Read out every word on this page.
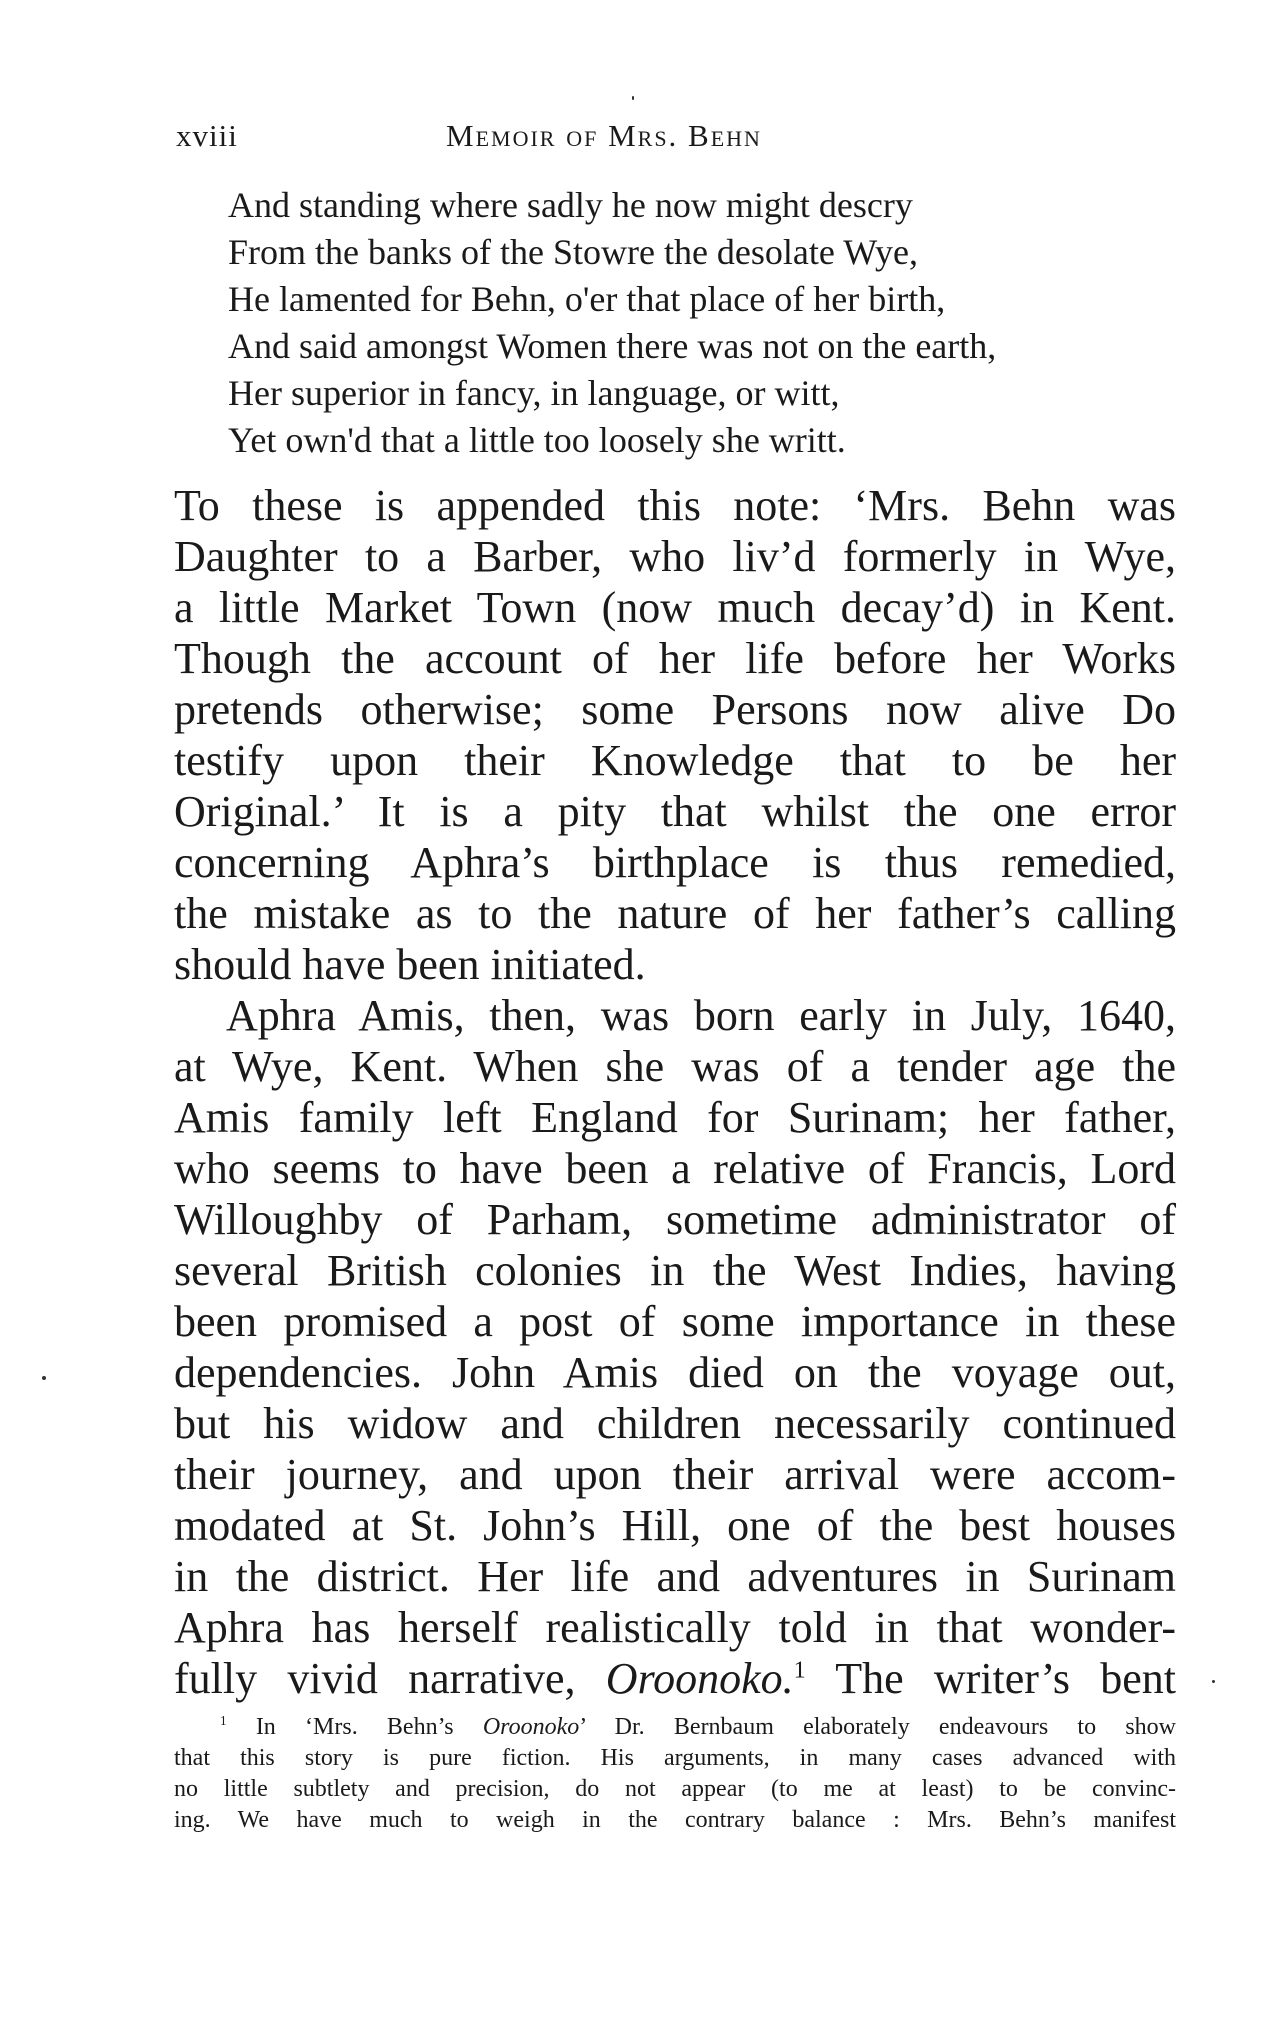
xviii	Memoir of Mrs. Behn
And standing where sadly he now might descry
From the banks of the Stowre the desolate Wye,
He lamented for Behn, o'er that place of her birth,
And said amongst Women there was not on the earth,
Her superior in fancy, in language, or witt,
Yet own'd that a little too loosely she writt.

To these is appended this note: ‘Mrs. Behn was
Daughter to a Barber, who liv’d formerly in Wye,
a little Market Town (now much decay’d) in Kent.
Though the account of her life before her Works
pretends otherwise; some Persons now alive Do
testify upon their Knowledge that to be her
Original.’ It is a pity that whilst the one error
concerning Aphra’s birthplace is thus remedied,
the mistake as to the nature of her father’s calling
should have been initiated.

Aphra Amis, then, was born early in July, 1640,
at Wye, Kent. When she was of a tender age the
Amis family left England for Surinam; her father,
who seems to have been a relative of Francis, Lord
Willoughby of Parham, sometime administrator of
several British colonies in the West Indies, having
been promised a post of some importance in these
dependencies. John Amis died on the voyage out,
but his widow and children necessarily continued
their journey, and upon their arrival were accom-
modated at St. John’s Hill, one of the best houses
in the district. Her life and adventures in Surinam
Aphra has herself realistically told in that wonder-
fully vivid narrative, Oroonoko.$^1$ The writer’s bent

$^1$ In ‘Mrs. Behn’s Oroonoko’ Dr. Bernbaum elaborately endeavours to show
that this story is pure fiction. His arguments, in many cases advanced with
no little subtlety and precision, do not appear (to me at least) to be convinc-
ing. We have much to weigh in the contrary balance : Mrs. Behn’s manifest
